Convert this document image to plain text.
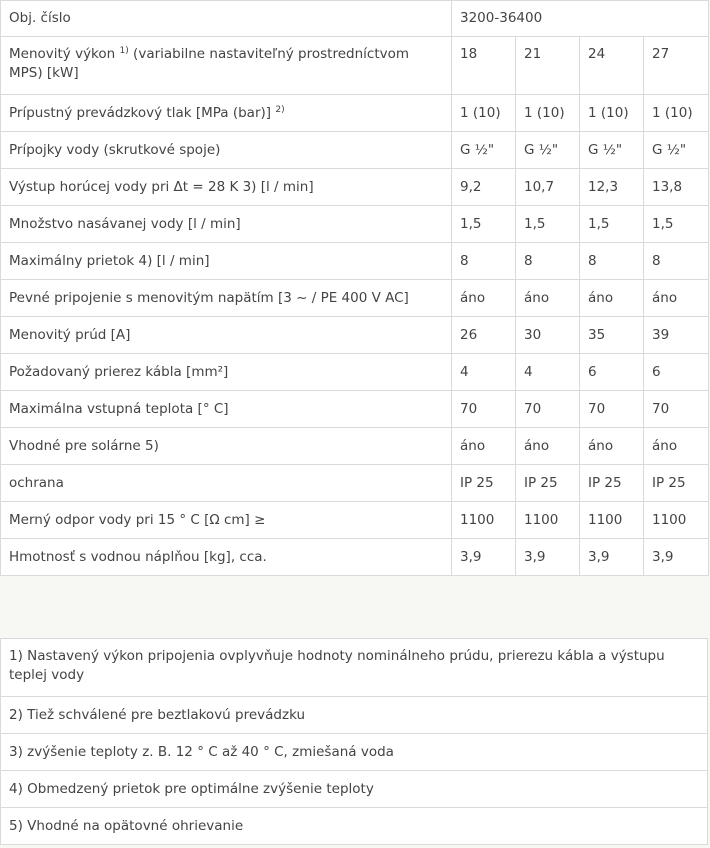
Obj. číslo	3200-36400			
Menovitý výkon $^{1)}$ (variabilne nastaviteľný prostredníctvom MPS) [kW]	18	21	24	27
Prípustný prevádzkový tlak [MPa (bar)] $^{2)}$	1 (10)	1 (10)	1 (10)	1 (10)
Prípojky vody (skrutkové spoje)	G ½"	G ½"	G ½"	G ½"
Výstup horúcej vody pri Δt = 28 K 3) [l / min]	9,2	10,7	12,3	13,8
Množstvo nasávanej vody [l / min]	1,5	1,5	1,5	1,5
Maximálny prietok 4) [l / min]	8	8	8	8
Pevné pripojenie s menovitým napätím [3 ~ / PE 400 V AC]	áno	áno	áno	áno
Menovitý prúd [A]	26	30	35	39
Požadovaný prierez kábla [mm²]	4	4	6	6
Maximálna vstupná teplota [° C]	70	70	70	70
Vhodné pre solárne 5)	áno	áno	áno	áno
ochrana	IP 25	IP 25	IP 25	IP 25
Merný odpor vody pri 15 ° C [Ω cm] ≥	1100	1100	1100	1100
Hmotnosť s vodnou náplňou [kg], cca.	3,9	3,9	3,9	3,9
1) Nastavený výkon pripojenia ovplyvňuje hodnoty nominálneho prúdu, prierezu kábla a výstupu teplej vody
2) Tiež schválené pre beztlakovú prevádzku
3) zvýšenie teploty z. B. 12 ° C až 40 ° C, zmiešaná voda
4) Obmedzený prietok pre optimálne zvýšenie teploty
5) Vhodné na opätovné ohrievanie
